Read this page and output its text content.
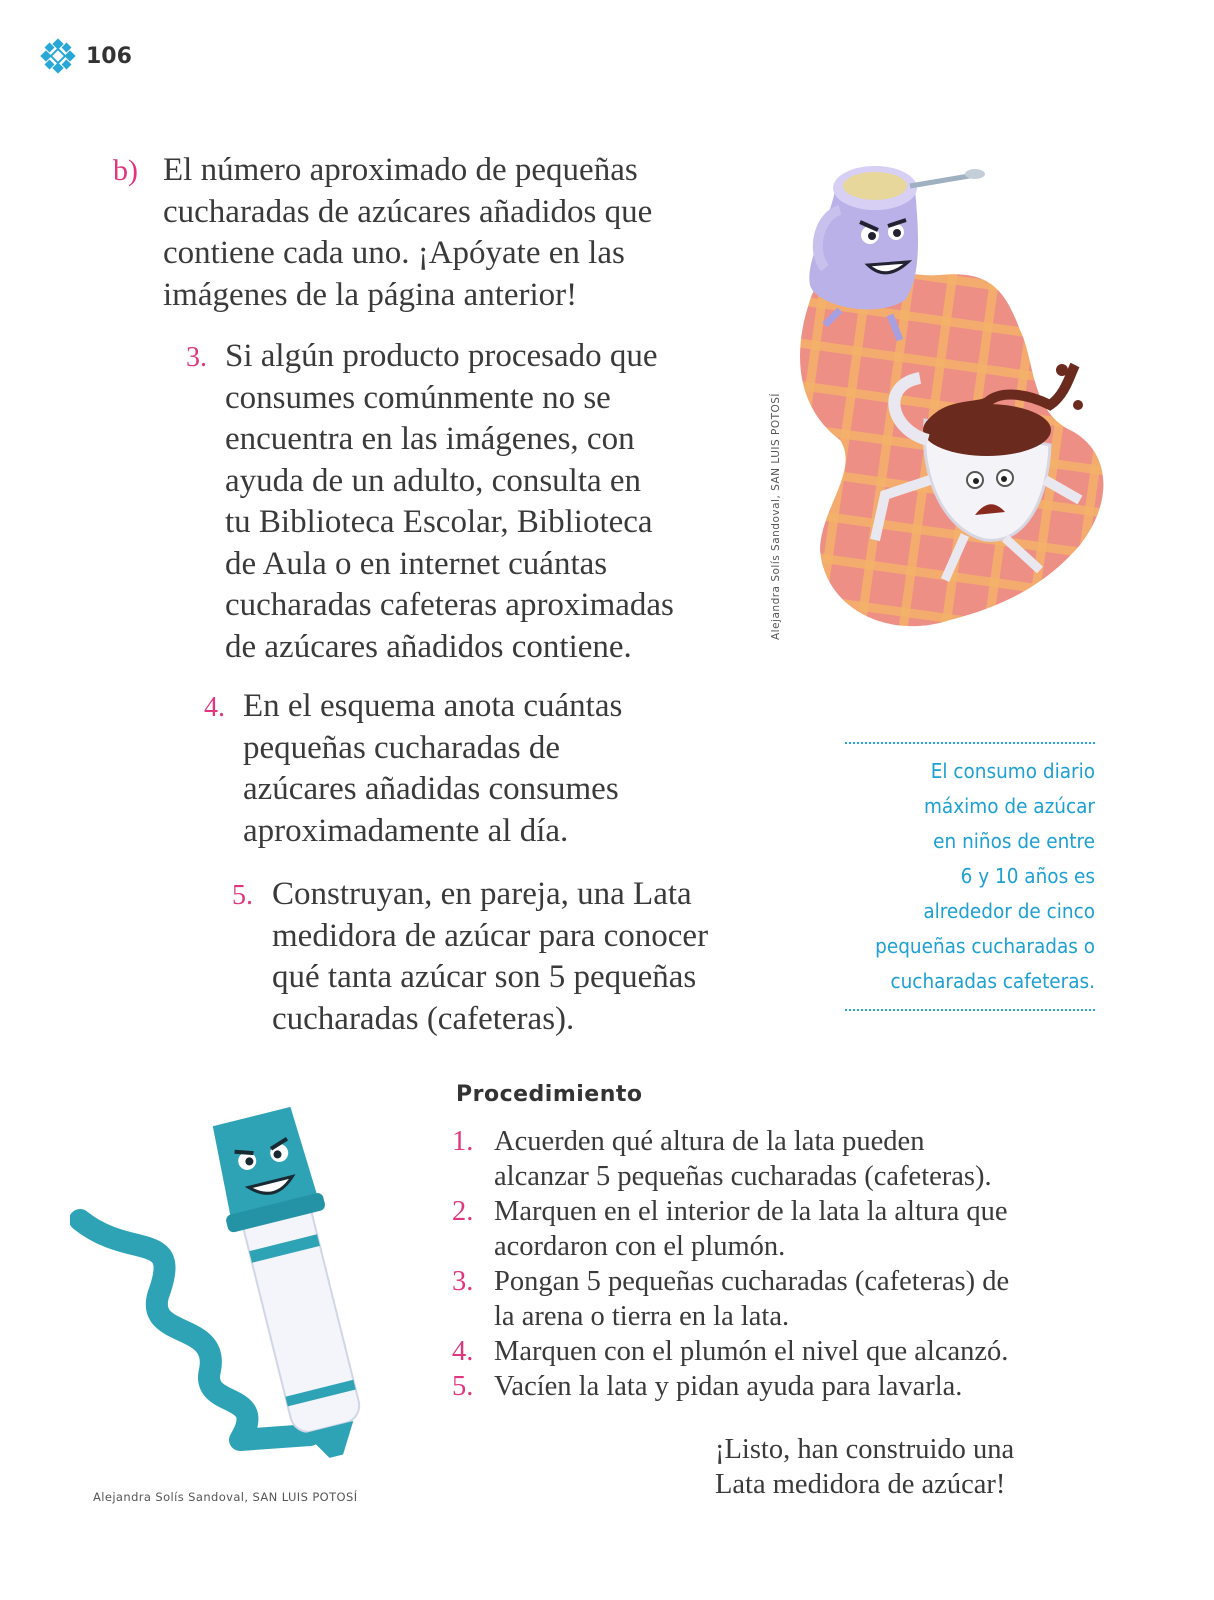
106
b) El número aproximado de pequeñas
cucharadas de azúcares añadidos que
contiene cada uno. ¡Apóyate en las
imágenes de la página anterior!
3. Si algún producto procesado que
consumes comúnmente no se
encuentra en las imágenes, con
ayuda de un adulto, consulta en
tu Biblioteca Escolar, Biblioteca
de Aula o en internet cuántas
cucharadas cafeteras aproximadas
de azúcares añadidos contiene.
4. En el esquema anota cuántas
pequeñas cucharadas de
azúcares añadidas consumes
aproximadamente al día.
5. Construyan, en pareja, una Lata
medidora de azúcar para conocer
qué tanta azúcar son 5 pequeñas
cucharadas (cafeteras).
Alejandra Solís Sandoval, SAN LUIS POTOSÍ
El consumo diario
máximo de azúcar
en niños de entre
6 y 10 años es
alrededor de cinco
pequeñas cucharadas o
cucharadas cafeteras.
Alejandra Solís Sandoval, SAN LUIS POTOSÍ
Procedimiento
1. Acuerden qué altura de la lata pueden
alcanzar 5 pequeñas cucharadas (cafeteras).
2. Marquen en el interior de la lata la altura que
acordaron con el plumón.
3. Pongan 5 pequeñas cucharadas (cafeteras) de
la arena o tierra en la lata.
4. Marquen con el plumón el nivel que alcanzó.
5. Vacíen la lata y pidan ayuda para lavarla.
¡Listo, han construido una
Lata medidora de azúcar!
